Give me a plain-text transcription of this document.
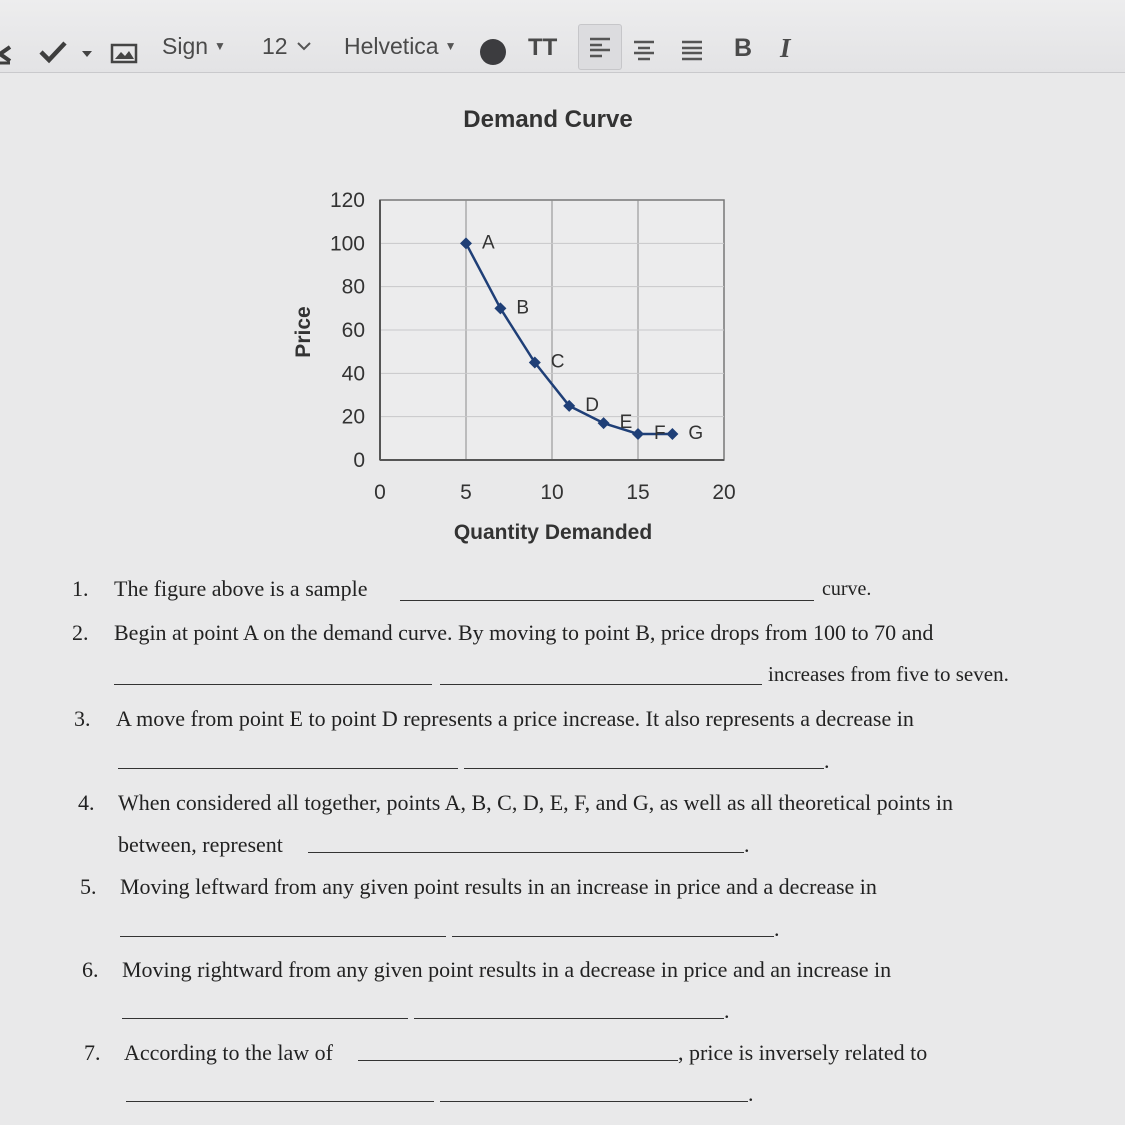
Sign ▼ 12 Helvetica ▼	TT	B I
Demand Curve
0	5	10	15	20
120
100
80
60
40
20
0
Quantity Demanded
Price
A
B
C
D
E
F G
1. The figure above is a sample	curve.
2. Begin at point A on the demand curve. By moving to point B, price drops from 100 to 70 and
increases from five to seven.
3. A move from point E to point D represents a price increase. It also represents a decrease in
.
4. When considered all together, points A, B, C, D, E, F, and G, as well as all theoretical points in
between, represent	.
5. Moving leftward from any given point results in an increase in price and a decrease in
.
6. Moving rightward from any given point results in a decrease in price and an increase in
.
7. According to the law of	, price is inversely related to
.
